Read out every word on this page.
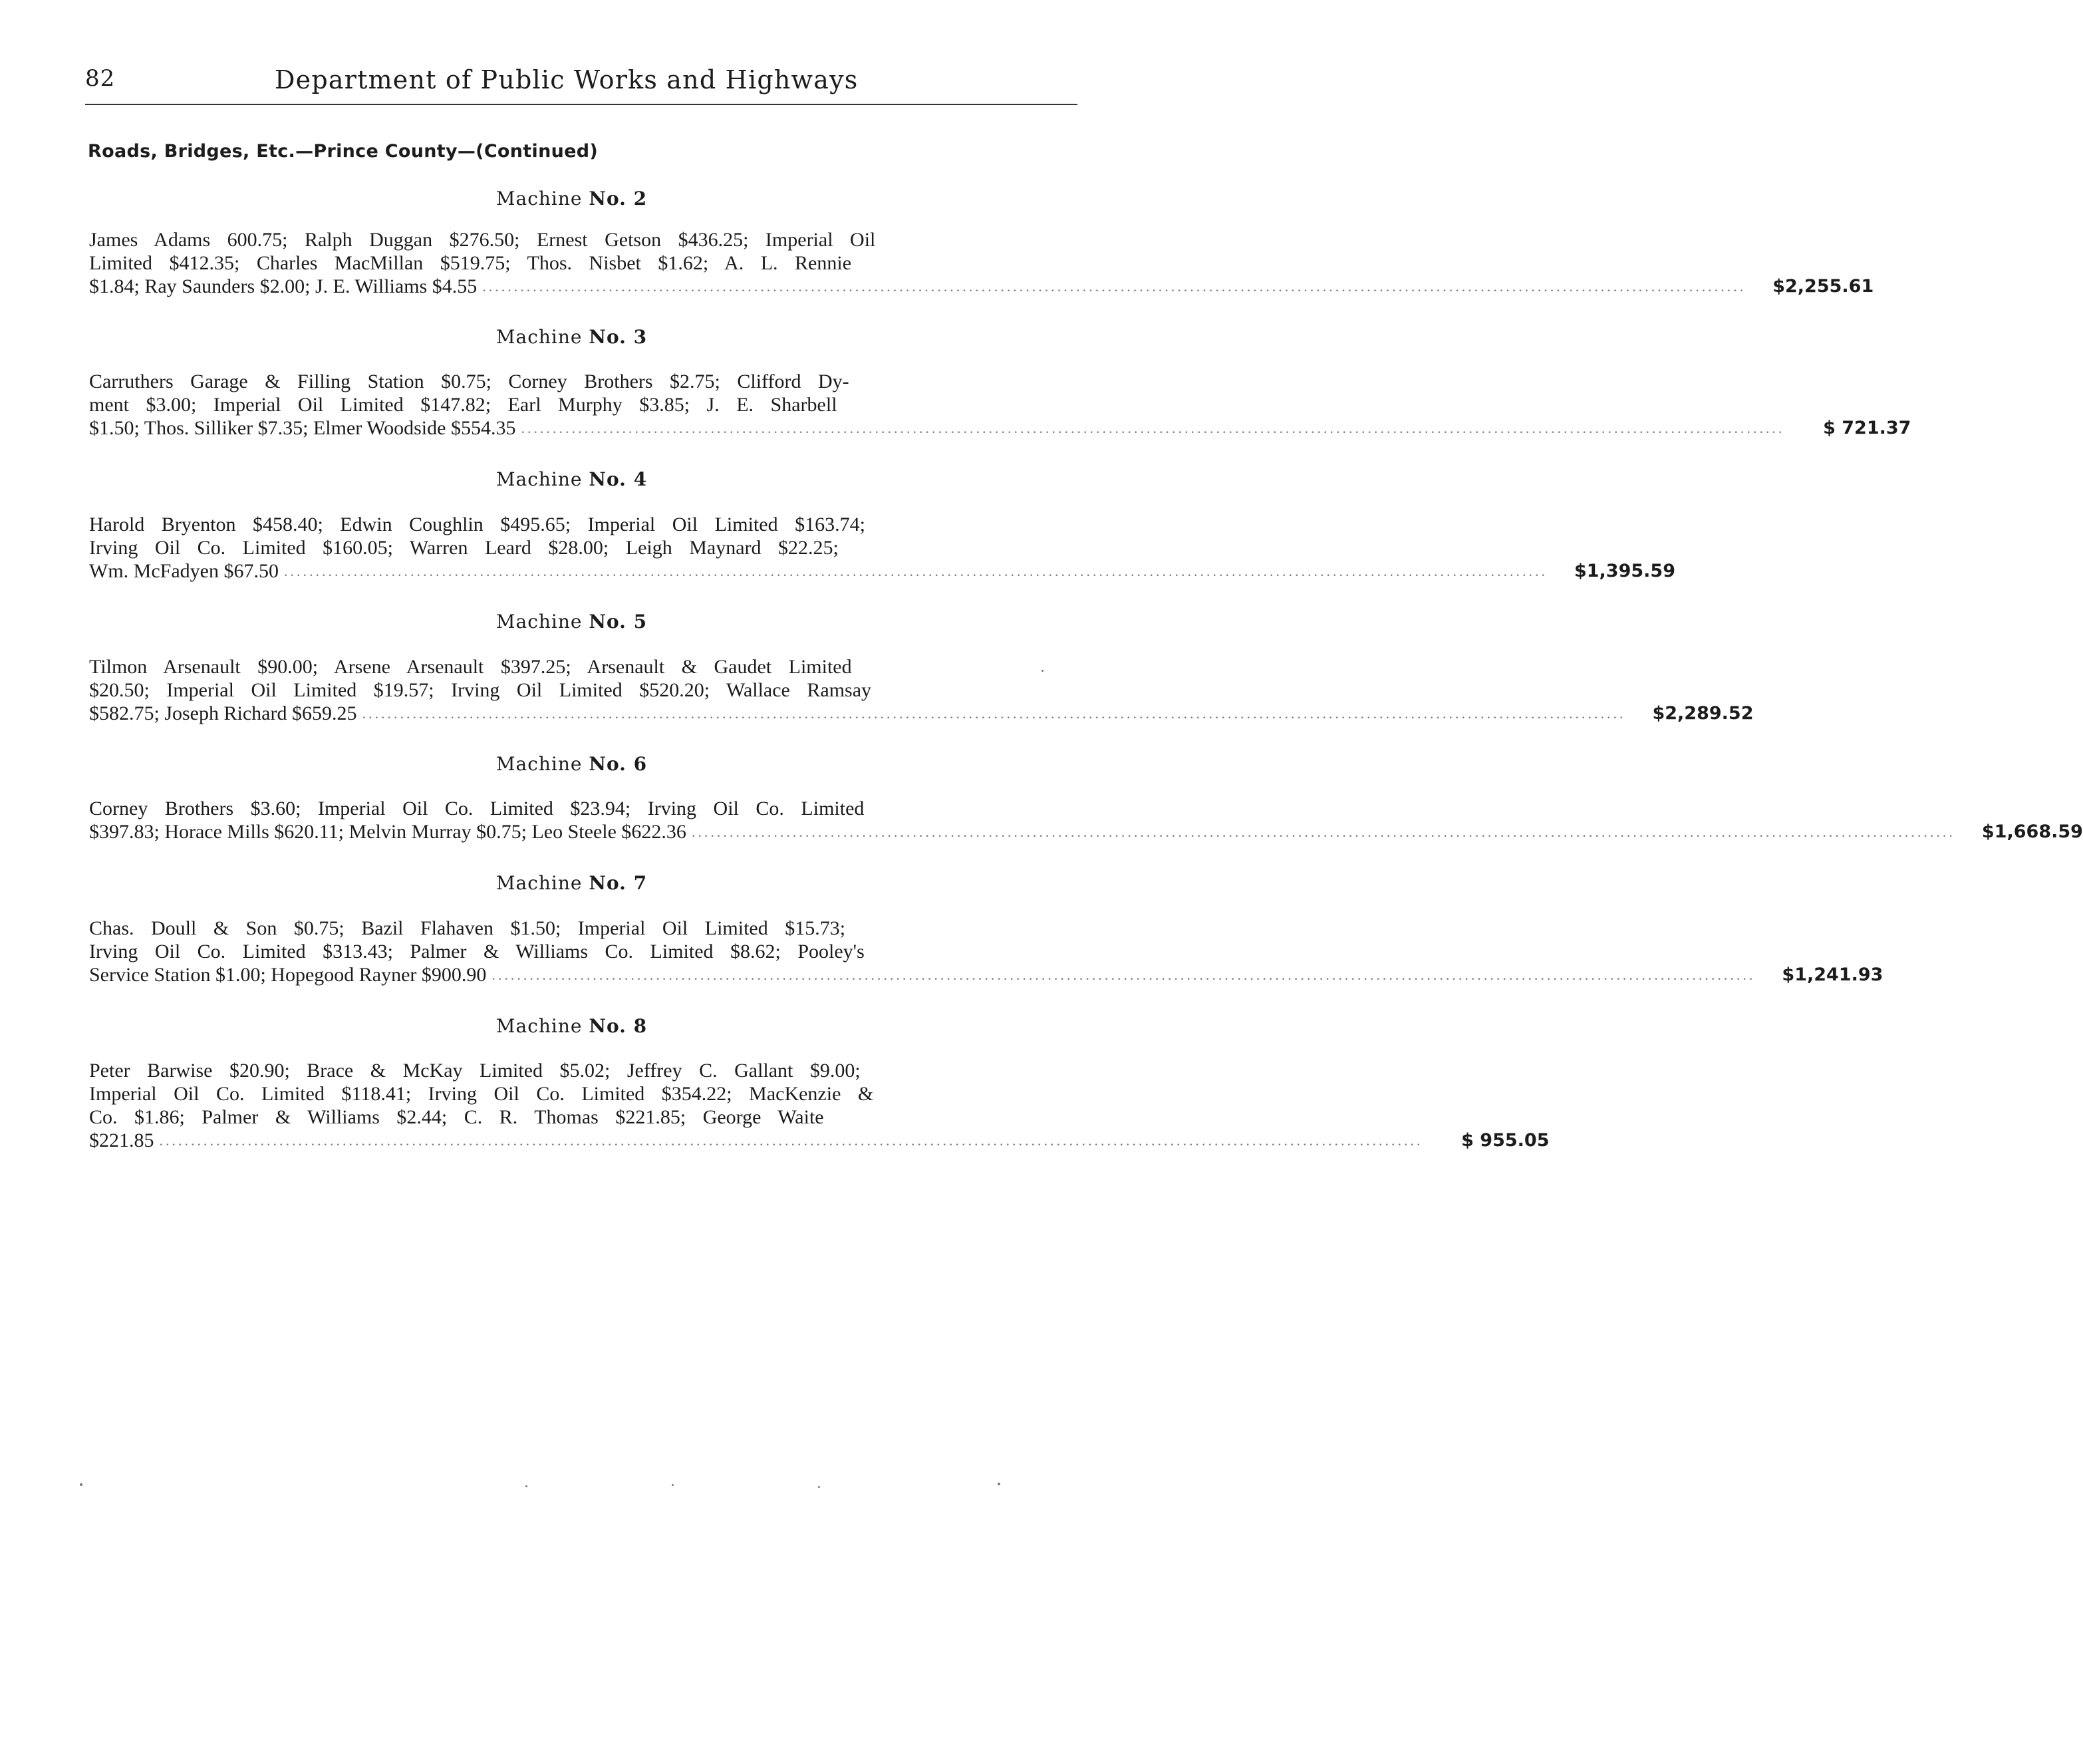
82	Department of Public Works and Highways
Roads, Bridges, Etc.—Prince County—(Continued)
Machine No. 2
James Adams 600.75; Ralph Duggan $276.50; Ernest Getson $436.25; Imperial Oil
Limited $412.35; Charles MacMillan $519.75; Thos. Nisbet $1.62; A. L. Rennie
$1.84; Ray Saunders $2.00; J. E. Williams $4.55 ........................................................................................................................................................................................................ $2,255.61
Machine No. 3
Carruthers Garage & Filling Station $0.75; Corney Brothers $2.75; Clifford Dy-
ment $3.00; Imperial Oil Limited $147.82; Earl Murphy $3.85; J. E. Sharbell
$1.50; Thos. Silliker $7.35; Elmer Woodside $554.35 ........................................................................................................................................................................................................	$ 721.37
Machine No. 4
Harold Bryenton $458.40; Edwin Coughlin $495.65; Imperial Oil Limited $163.74;
Irving Oil Co. Limited $160.05; Warren Leard $28.00; Leigh Maynard $22.25;
Wm. McFadyen $67.50 ........................................................................................................................................................................................................ $1,395.59
Machine No. 5
Tilmon Arsenault $90.00; Arsene Arsenault $397.25; Arsenault & Gaudet Limited
$20.50; Imperial Oil Limited $19.57; Irving Oil Limited $520.20; Wallace Ramsay
$582.75; Joseph Richard $659.25 ........................................................................................................................................................................................................ $2,289.52
Machine No. 6
Corney Brothers $3.60; Imperial Oil Co. Limited $23.94; Irving Oil Co. Limited
$397.83; Horace Mills $620.11; Melvin Murray $0.75; Leo Steele $622.36 ........................................................................................................................................................................................................ $1,668.59
Machine No. 7
Chas. Doull & Son $0.75; Bazil Flahaven $1.50; Imperial Oil Limited $15.73;
Irving Oil Co. Limited $313.43; Palmer & Williams Co. Limited $8.62; Pooley's
Service Station $1.00; Hopegood Rayner $900.90 ........................................................................................................................................................................................................ $1,241.93
Machine No. 8
Peter Barwise $20.90; Brace & McKay Limited $5.02; Jeffrey C. Gallant $9.00;
Imperial Oil Co. Limited $118.41; Irving Oil Co. Limited $354.22; MacKenzie &
Co. $1.86; Palmer & Williams $2.44; C. R. Thomas $221.85; George Waite
$221.85 ........................................................................................................................................................................................................	$ 955.05
